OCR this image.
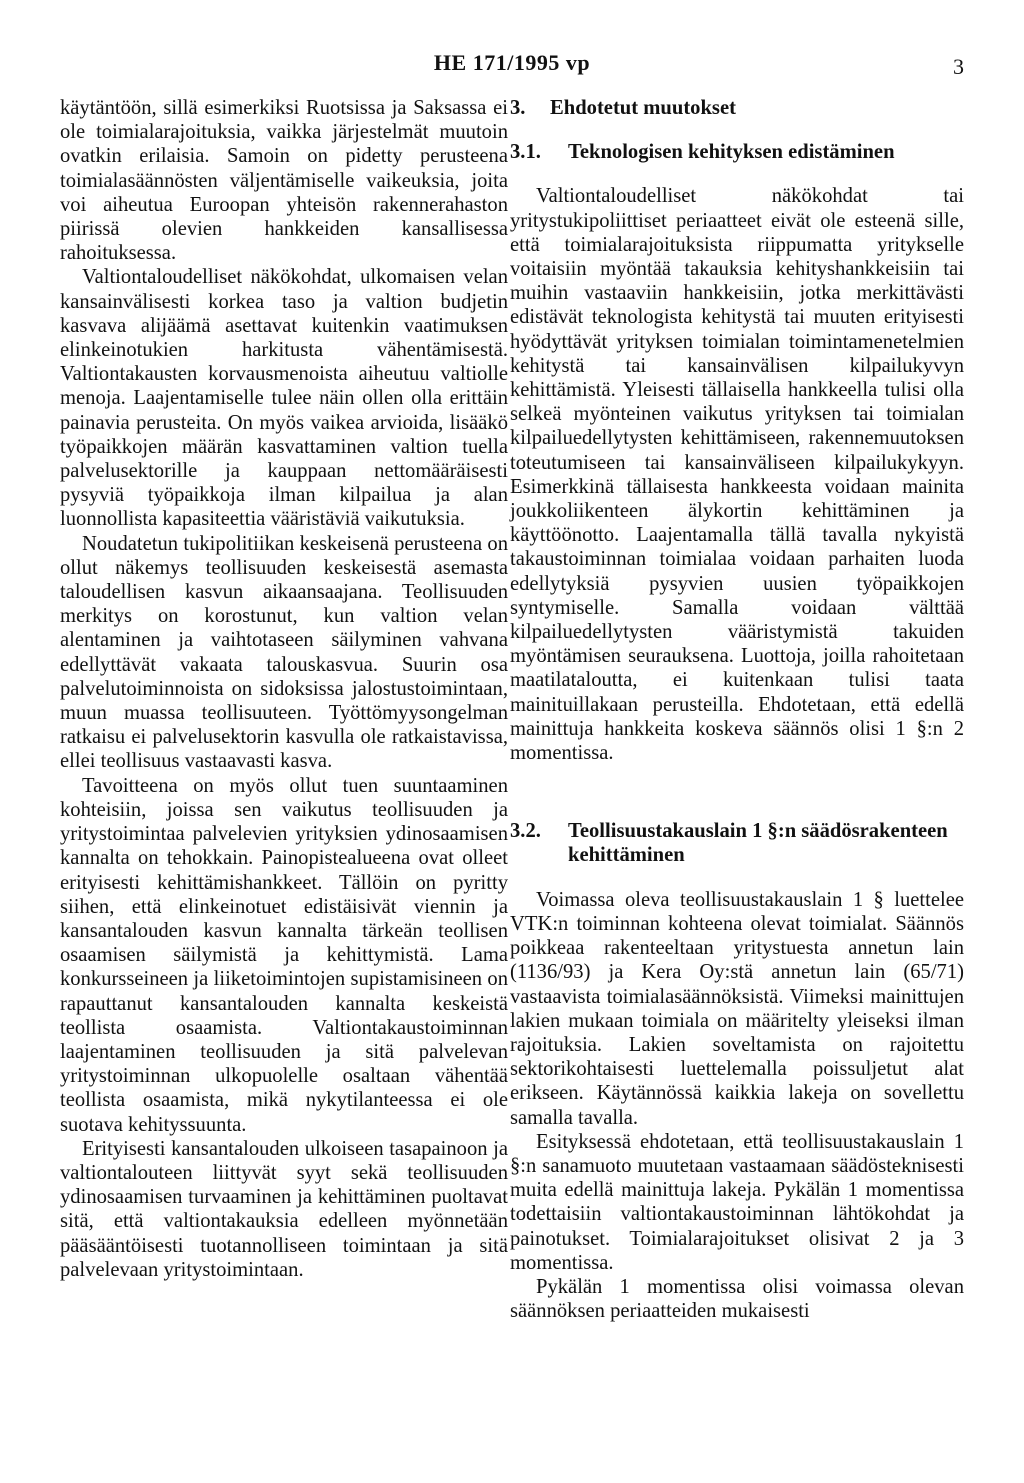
HE 171/1995 vp	3

käytäntöön, sillä esimerkiksi Ruotsissa ja Saksassa ei ole toimialarajoituksia, vaikka järjestelmät muutoin ovatkin erilaisia. Samoin on pidetty perusteena toimialasäännösten väljentämiselle vaikeuksia, joita voi aiheutua Euroopan yhteisön rakennerahaston piirissä olevien hankkeiden kansallisessa rahoituksessa.

Valtiontaloudelliset näkökohdat, ulkomaisen velan kansainvälisesti korkea taso ja valtion budjetin kasvava alijäämä asettavat kuitenkin vaatimuksen elinkeinotukien harkitusta vähentämisestä. Valtiontakausten korvausmenoista aiheutuu valtiolle menoja. Laajentamiselle tulee näin ollen olla erittäin painavia perusteita. On myös vaikea arvioida, lisääkö työpaikkojen määrän kasvattaminen valtion tuella palvelusektorille ja kauppaan nettomääräisesti pysyviä työpaikkoja ilman kilpailua ja alan luonnollista kapasiteettia vääristäviä vaikutuksia.

Noudatetun tukipolitiikan keskeisenä perusteena on ollut näkemys teollisuuden keskeisestä asemasta taloudellisen kasvun aikaansaajana. Teollisuuden merkitys on korostunut, kun valtion velan alentaminen ja vaihtotaseen säilyminen vahvana edellyttävät vakaata talouskasvua. Suurin osa palvelutoiminnoista on sidoksissa jalostustoimintaan, muun muassa teollisuuteen. Työttömyysongelman ratkaisu ei palvelusektorin kasvulla ole ratkaistavissa, ellei teollisuus vastaavasti kasva.

Tavoitteena on myös ollut tuen suuntaaminen kohteisiin, joissa sen vaikutus teollisuuden ja yritystoimintaa palvelevien yrityksien ydinosaamisen kannalta on tehokkain. Painopistealueena ovat olleet erityisesti kehittämishankkeet. Tällöin on pyritty siihen, että elinkeinotuet edistäisivät viennin ja kansantalouden kasvun kannalta tärkeän teollisen osaamisen säilymistä ja kehittymistä. Lama konkursseineen ja liiketoimintojen supistamisineen on rapauttanut kansantalouden kannalta keskeistä teollista osaamista. Valtiontakaustoiminnan laajentaminen teollisuuden ja sitä palvelevan yritystoiminnan ulkopuolelle osaltaan vähentää teollista osaamista, mikä nykytilanteessa ei ole suotava kehityssuunta.

Erityisesti kansantalouden ulkoiseen tasapainoon ja valtiontalouteen liittyvät syyt sekä teollisuuden ydinosaamisen turvaaminen ja kehittäminen puoltavat sitä, että valtiontakauksia edelleen myönnetään pääsääntöisesti tuotannolliseen toimintaan ja sitä palvelevaan yritystoimintaan.

3. Ehdotetut muutokset
3.1.	Teknologisen kehityksen edistäminen

Valtiontaloudelliset näkökohdat tai yritystukipoliittiset periaatteet eivät ole esteenä sille, että toimialarajoituksista riippumatta yritykselle voitaisiin myöntää takauksia kehityshankkeisiin tai muihin vastaaviin hankkeisiin, jotka merkittävästi edistävät teknologista kehitystä tai muuten erityisesti hyödyttävät yrityksen toimialan toimintamenetelmien kehitystä tai kansainvälisen kilpailukyvyn kehittämistä. Yleisesti tällaisella hankkeella tulisi olla selkeä myönteinen vaikutus yrityksen tai toimialan kilpailuedellytysten kehittämiseen, rakennemuutoksen toteutumiseen tai kansainväliseen kilpailukykyyn. Esimerkkinä tällaisesta hankkeesta voidaan mainita joukkoliikenteen älykortin kehittäminen ja käyttöönotto. Laajentamalla tällä tavalla nykyistä takaustoiminnan toimialaa voidaan parhaiten luoda edellytyksiä pysyvien uusien työpaikkojen syntymiselle. Samalla voidaan välttää kilpailuedellytysten vääristymistä takuiden myöntämisen seurauksena. Luottoja, joilla rahoitetaan maatilataloutta, ei kuitenkaan tulisi taata mainituillakaan perusteilla. Ehdotetaan, että edellä mainittuja hankkeita koskeva säännös olisi 1 §:n 2 momentissa.

3.2.	Teollisuustakauslain 1 §:n säädösrakenteen kehittäminen

Voimassa oleva teollisuustakauslain 1 § luettelee VTK:n toiminnan kohteena olevat toimialat. Säännös poikkeaa rakenteeltaan yritystuesta annetun lain (1136/93) ja Kera Oy:stä annetun lain (65/71) vastaavista toimialasäännöksistä. Viimeksi mainittujen lakien mukaan toimiala on määritelty yleiseksi ilman rajoituksia. Lakien soveltamista on rajoitettu sektorikohtaisesti luettelemalla poissuljetut alat erikseen. Käytännössä kaikkia lakeja on sovellettu samalla tavalla.

Esityksessä ehdotetaan, että teollisuustakauslain 1 §:n sanamuoto muutetaan vastaamaan säädösteknisesti muita edellä mainittuja lakeja. Pykälän 1 momentissa todettaisiin valtiontakaustoiminnan lähtökohdat ja painotukset. Toimialarajoitukset olisivat 2 ja 3 momentissa.

Pykälän 1 momentissa olisi voimassa olevan säännöksen periaatteiden mukaisesti
